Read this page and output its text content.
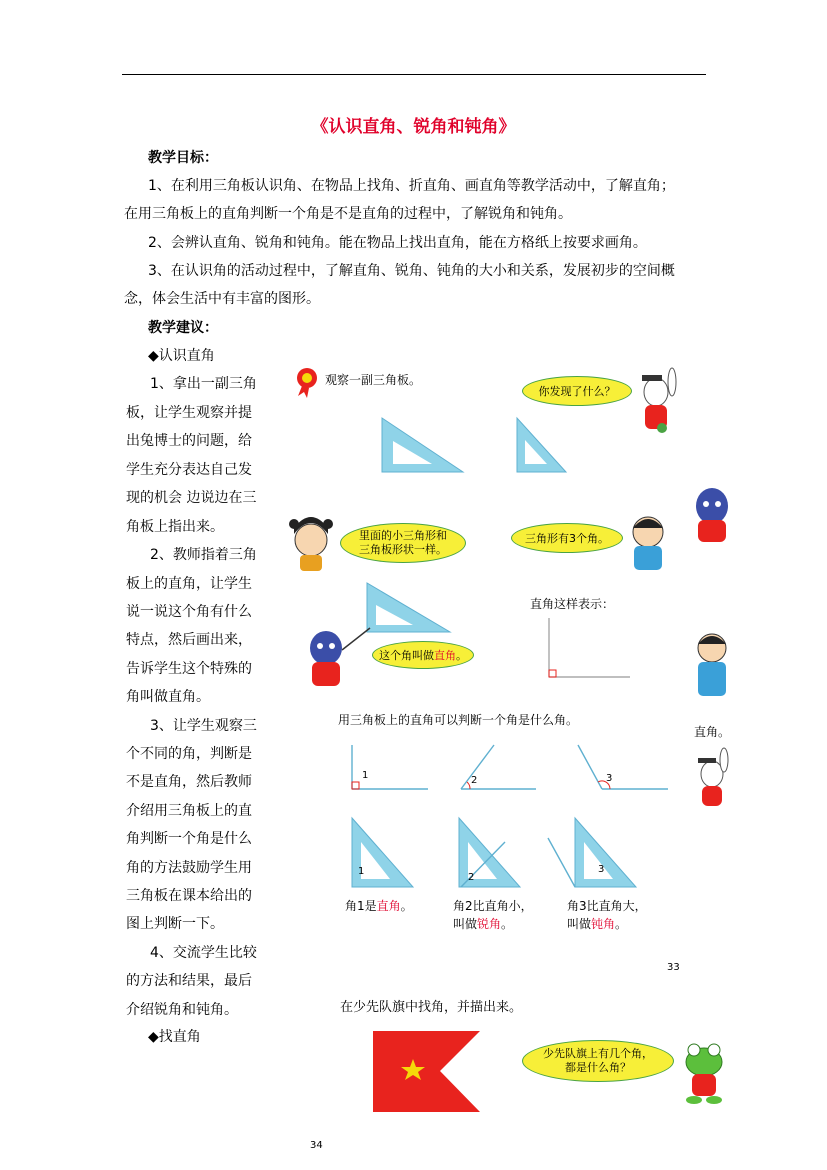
《认识直角、锐角和钝角》
教学目标：
1、在利用三角板认识角、在物品上找角、折直角、画直角等教学活动中，了解直角；
在用三角板上的直角判断一个角是不是直角的过程中，了解锐角和钝角。
2、会辨认直角、锐角和钝角。能在物品上找出直角，能在方格纸上按要求画角。
3、在认识角的活动过程中，了解直角、锐角、钝角的大小和关系，发展初步的空间概
念，体会生活中有丰富的图形。
教学建议：
◆认识直角
1、拿出一副三角
板，让学生观察并提
出兔博士的问题，给
学生充分表达自己发
现的机会 边说边在三
角板上指出来。
2、教师指着三角
板上的直角，让学生
说一说这个角有什么
特点，然后画出来，
告诉学生这个特殊的
角叫做直角。
3、让学生观察三
个不同的角，判断是
不是直角，然后教师
介绍用三角板上的直
角判断一个角是什么
角的方法鼓励学生用
三角板在课本给出的
图上判断一下。
4、交流学生比较
的方法和结果，最后
介绍锐角和钝角。
◆找直角
观察一副三角板。
你发现了什么？
里面的小三角形和
三角板形状一样。
三角形有3个角。
这个角叫做直角。
直角这样表示：
用三角板上的直角可以判断一个角是什么角。
直角。
1	2	3
1
2
3
角1是直角。	角2比直角小，
叫做锐角。
角3比直角大，
叫做钝角。
33
在少先队旗中找角，并描出来。
少先队旗上有几个角，
都是什么角？
34
